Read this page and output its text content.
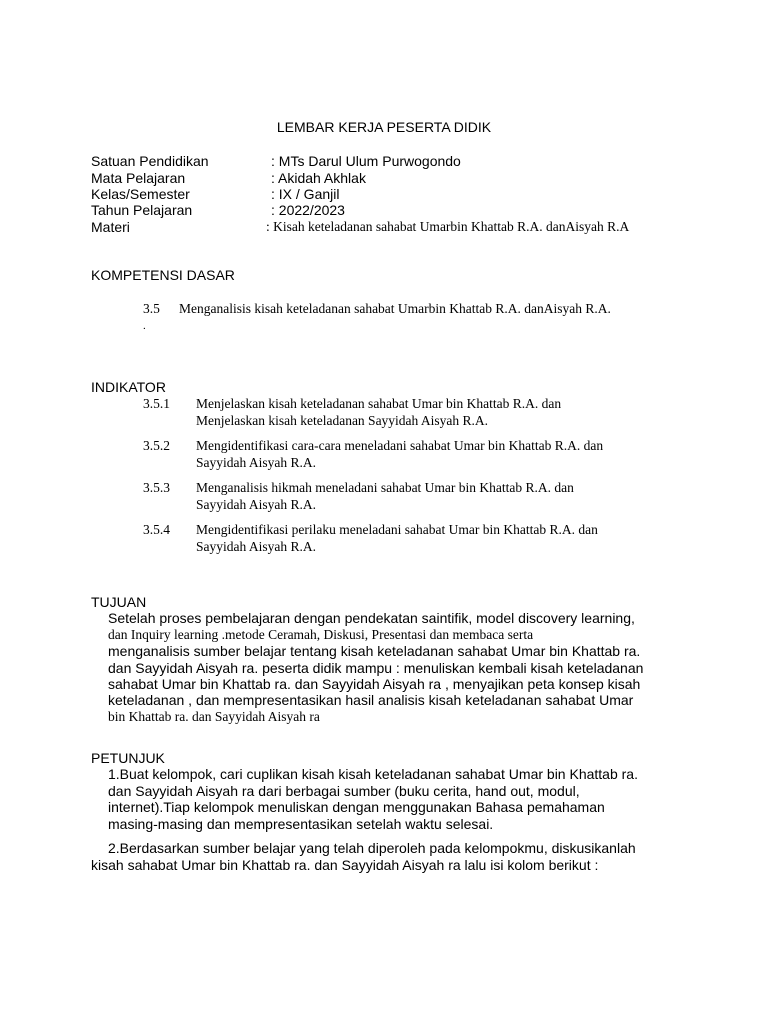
LEMBAR KERJA PESERTA DIDIK
Satuan Pendidikan	: MTs Darul Ulum Purwogondo
Mata Pelajaran	: Akidah Akhlak
Kelas/Semester	: IX / Ganjil
Tahun Pelajaran	: 2022/2023
Materi	: Kisah keteladanan sahabat Umarbin Khattab R.A. danAisyah R.A
KOMPETENSI DASAR
3.5 Menganalisis kisah keteladanan sahabat Umarbin Khattab R.A. danAisyah R.A.
.
INDIKATOR
3.5.1 Menjelaskan kisah keteladanan sahabat Umar bin Khattab R.A. dan
Menjelaskan kisah keteladanan Sayyidah Aisyah R.A.
3.5.2 Mengidentifikasi cara-cara meneladani sahabat Umar bin Khattab R.A. dan
Sayyidah Aisyah R.A.
3.5.3 Menganalisis hikmah meneladani sahabat Umar bin Khattab R.A. dan
Sayyidah Aisyah R.A.
3.5.4 Mengidentifikasi perilaku meneladani sahabat Umar bin Khattab R.A. dan
Sayyidah Aisyah R.A.
TUJUAN
Setelah proses pembelajaran dengan pendekatan saintifik, model discovery learning,
dan Inquiry learning .metode Ceramah, Diskusi, Presentasi dan membaca serta
menganalisis sumber belajar tentang kisah keteladanan sahabat Umar bin Khattab ra.
dan Sayyidah Aisyah ra. peserta didik mampu : menuliskan kembali kisah keteladanan
sahabat Umar bin Khattab ra. dan Sayyidah Aisyah ra , menyajikan peta konsep kisah
keteladanan , dan mempresentasikan hasil analisis kisah keteladanan sahabat Umar
bin Khattab ra. dan Sayyidah Aisyah ra
PETUNJUK
1.Buat kelompok, cari cuplikan kisah kisah keteladanan sahabat Umar bin Khattab ra.
dan Sayyidah Aisyah ra dari berbagai sumber (buku cerita, hand out, modul,
internet).Tiap kelompok menuliskan dengan menggunakan Bahasa pemahaman
masing-masing dan mempresentasikan setelah waktu selesai.
2.Berdasarkan sumber belajar yang telah diperoleh pada kelompokmu, diskusikanlah
kisah sahabat Umar bin Khattab ra. dan Sayyidah Aisyah ra lalu isi kolom berikut :
